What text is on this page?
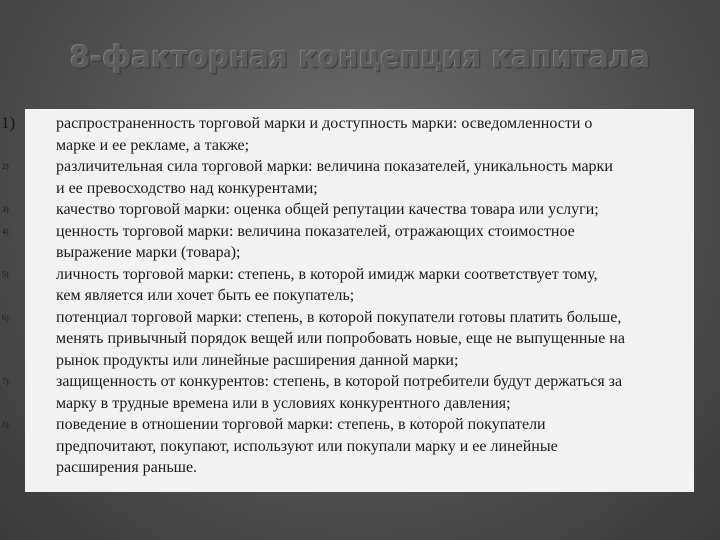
8-факторная концепция капитала
1)	распространенность торговой марки и доступность марки: осведомленности о
марке и ее рекламе, а также;
2)	различительная сила торговой марки: величина показателей, уникальность марки
и ее превосходство над конкурентами;
3)	качество торговой марки: оценка общей репутации качества товара или услуги;
4)	ценность торговой марки: величина показателей, отражающих стоимостное
выражение марки (товара);
5)	личность торговой марки: степень, в которой имидж марки соответствует тому,
кем является или хочет быть ее покупатель;
6)	потенциал торговой марки: степень, в которой покупатели готовы платить больше,
менять привычный порядок вещей или попробовать новые, еще не выпущенные на
рынок продукты или линейные расширения данной марки;
7)	защищенность от конкурентов: степень, в которой потребители будут держаться за
марку в трудные времена или в условиях конкурентного давления;
8)	поведение в отношении торговой марки: степень, в которой покупатели
предпочитают, покупают, используют или покупали марку и ее линейные
расширения раньше.
